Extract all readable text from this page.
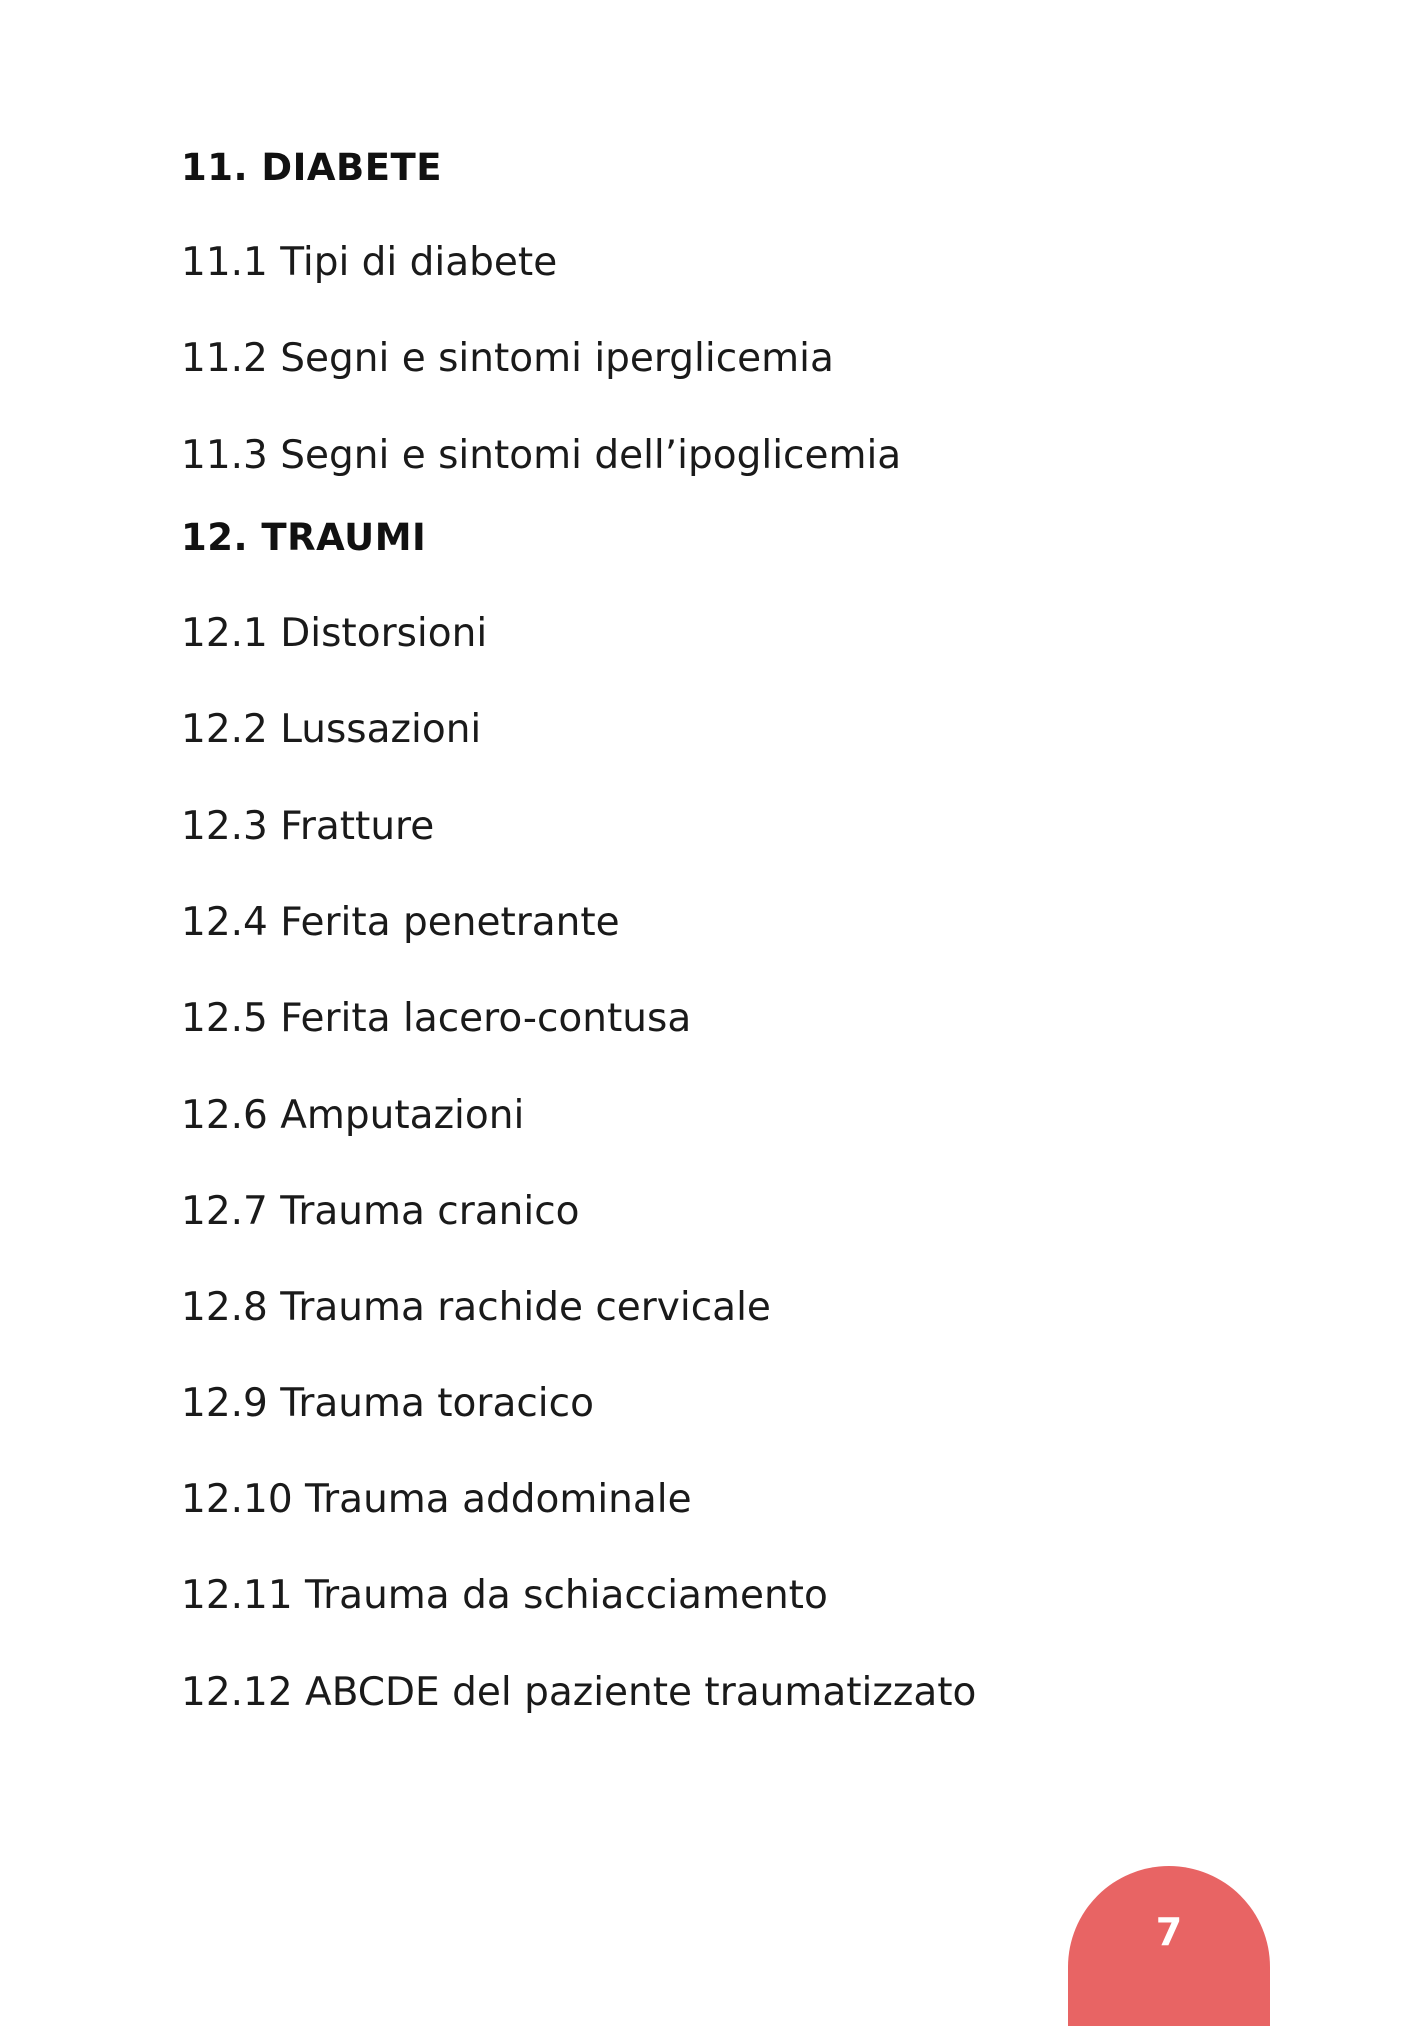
11. DIABETE
11.1 Tipi di diabete
11.2 Segni e sintomi iperglicemia
11.3 Segni e sintomi dell’ipoglicemia
12. TRAUMI
12.1 Distorsioni
12.2 Lussazioni
12.3 Fratture
12.4 Ferita penetrante
12.5 Ferita lacero-contusa
12.6 Amputazioni
12.7 Trauma cranico
12.8 Trauma rachide cervicale
12.9 Trauma toracico
12.10 Trauma addominale
12.11 Trauma da schiacciamento
12.12 ABCDE del paziente traumatizzato
7
